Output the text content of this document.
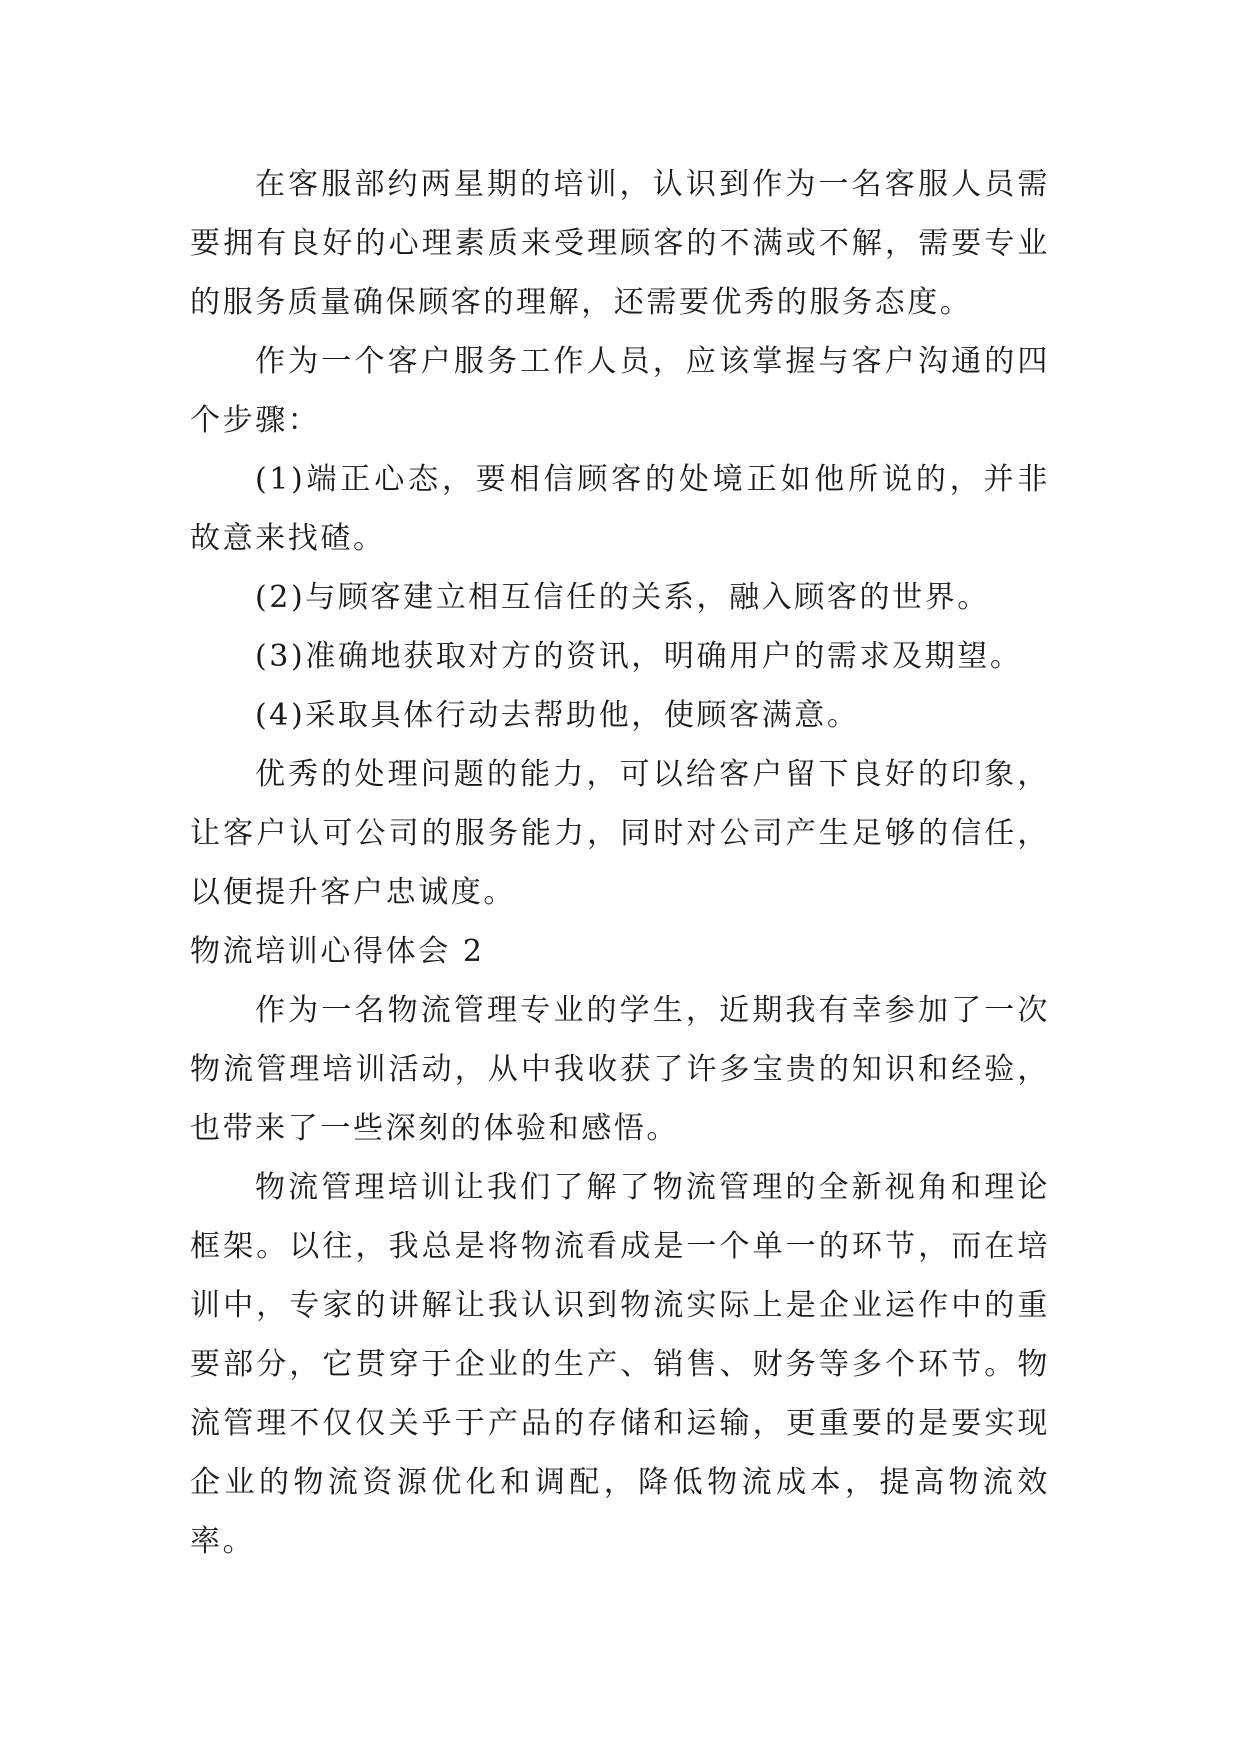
在客服部约两星期的培训，认识到作为一名客服人员需要拥有良好的心理素质来受理顾客的不满或不解，需要专业的服务质量确保顾客的理解，还需要优秀的服务态度。

作为一个客户服务工作人员，应该掌握与客户沟通的四个步骤：

(1)端正心态，要相信顾客的处境正如他所说的，并非故意来找碴。

(2)与顾客建立相互信任的关系，融入顾客的世界。

(3)准确地获取对方的资讯，明确用户的需求及期望。

(4)采取具体行动去帮助他，使顾客满意。

优秀的处理问题的能力，可以给客户留下良好的印象，让客户认可公司的服务能力，同时对公司产生足够的信任，以便提升客户忠诚度。

物流培训心得体会 2

作为一名物流管理专业的学生，近期我有幸参加了一次物流管理培训活动，从中我收获了许多宝贵的知识和经验，也带来了一些深刻的体验和感悟。

物流管理培训让我们了解了物流管理的全新视角和理论框架。以往，我总是将物流看成是一个单一的环节，而在培训中，专家的讲解让我认识到物流实际上是企业运作中的重要部分，它贯穿于企业的生产、销售、财务等多个环节。物流管理不仅仅关乎于产品的存储和运输，更重要的是要实现企业的物流资源优化和调配，降低物流成本，提高物流效率。
